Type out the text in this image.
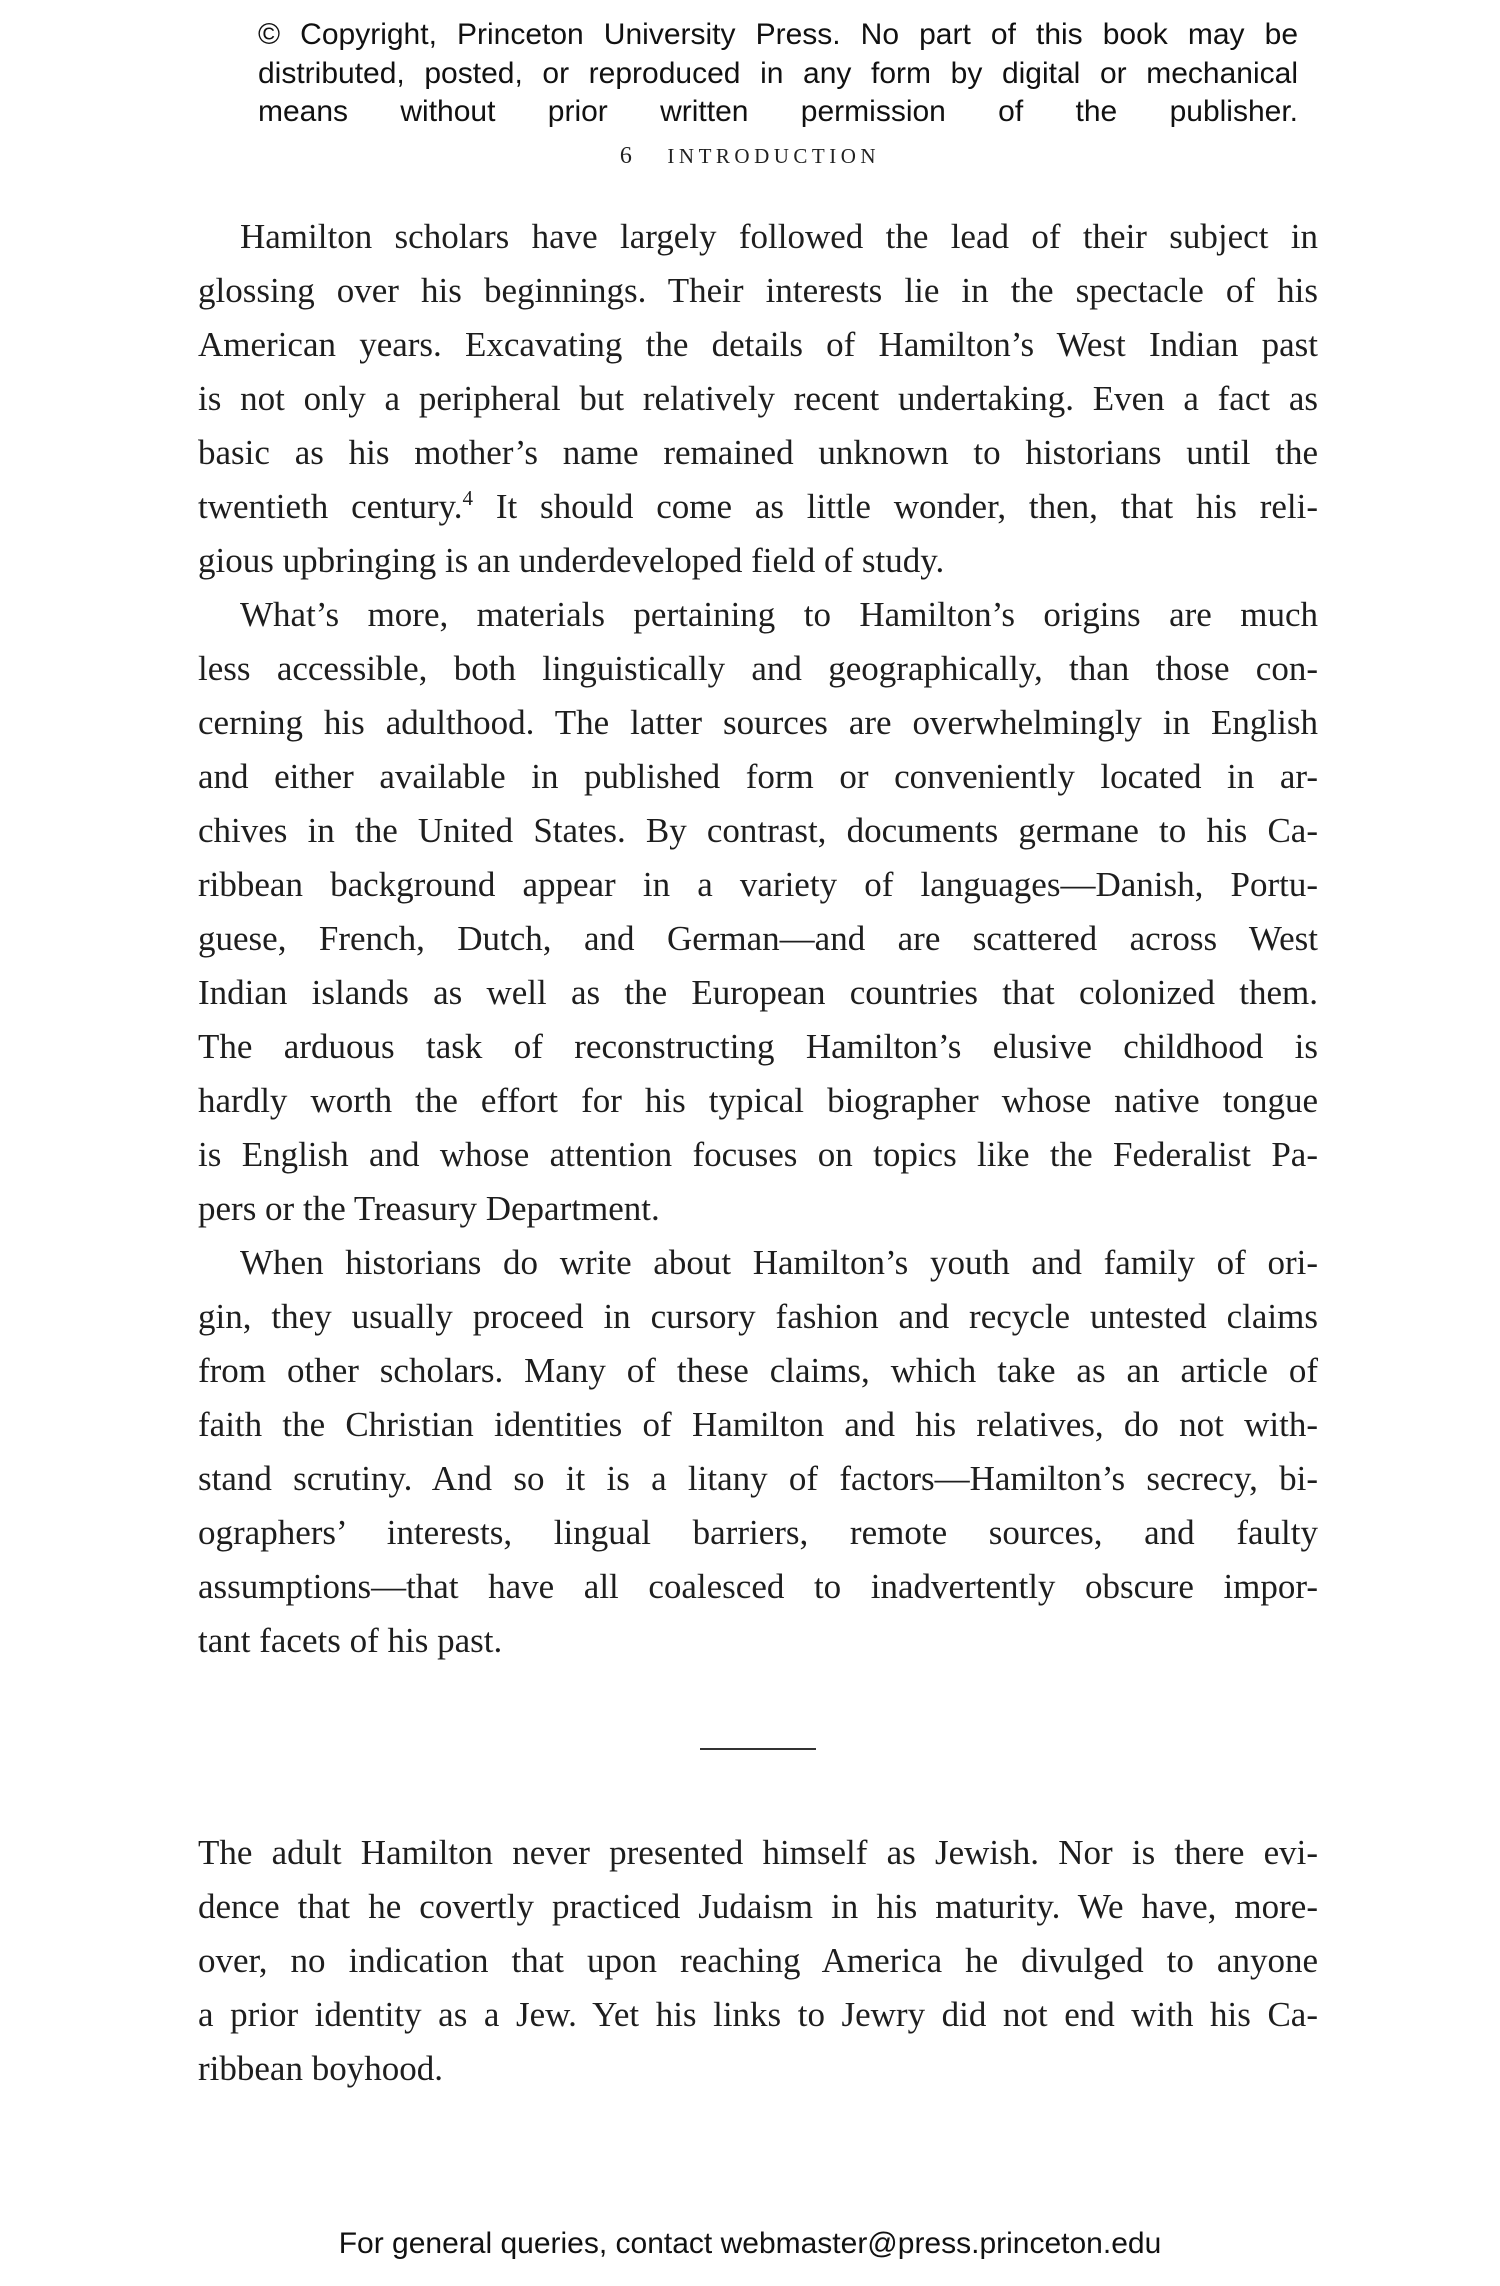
© Copyright, Princeton University Press. No part of this book may be
distributed, posted, or reproduced in any form by digital or mechanical
means without prior written permission of the publisher.
6 INTRODUCTION
Hamilton scholars have largely followed the lead of their subject in
glossing over his beginnings. Their interests lie in the spectacle of his
American years. Excavating the details of Hamilton’s West Indian past
is not only a peripheral but relatively recent undertaking. Even a fact as
basic as his mother’s name remained unknown to historians until the
twentieth century.$^4$ It should come as little wonder, then, that his reli-
gious upbringing is an underdeveloped field of study.
What’s more, materials pertaining to Hamilton’s origins are much
less accessible, both linguistically and geographically, than those con-
cerning his adulthood. The latter sources are overwhelmingly in English
and either available in published form or conveniently located in ar-
chives in the United States. By contrast, documents germane to his Ca-
ribbean background appear in a variety of languages—Danish, Portu-
guese, French, Dutch, and German—and are scattered across West
Indian islands as well as the European countries that colonized them.
The arduous task of reconstructing Hamilton’s elusive childhood is
hardly worth the effort for his typical biographer whose native tongue
is English and whose attention focuses on topics like the Federalist Pa-
pers or the Treasury Department.
When historians do write about Hamilton’s youth and family of ori-
gin, they usually proceed in cursory fashion and recycle untested claims
from other scholars. Many of these claims, which take as an article of
faith the Christian identities of Hamilton and his relatives, do not with-
stand scrutiny. And so it is a litany of factors—Hamilton’s secrecy, bi-
ographers’ interests, lingual barriers, remote sources, and faulty
assumptions—that have all coalesced to inadvertently obscure impor-
tant facets of his past.
The adult Hamilton never presented himself as Jewish. Nor is there evi-
dence that he covertly practiced Judaism in his maturity. We have, more-
over, no indication that upon reaching America he divulged to anyone
a prior identity as a Jew. Yet his links to Jewry did not end with his Ca-
ribbean boyhood.
For general queries, contact webmaster@press.princeton.edu
